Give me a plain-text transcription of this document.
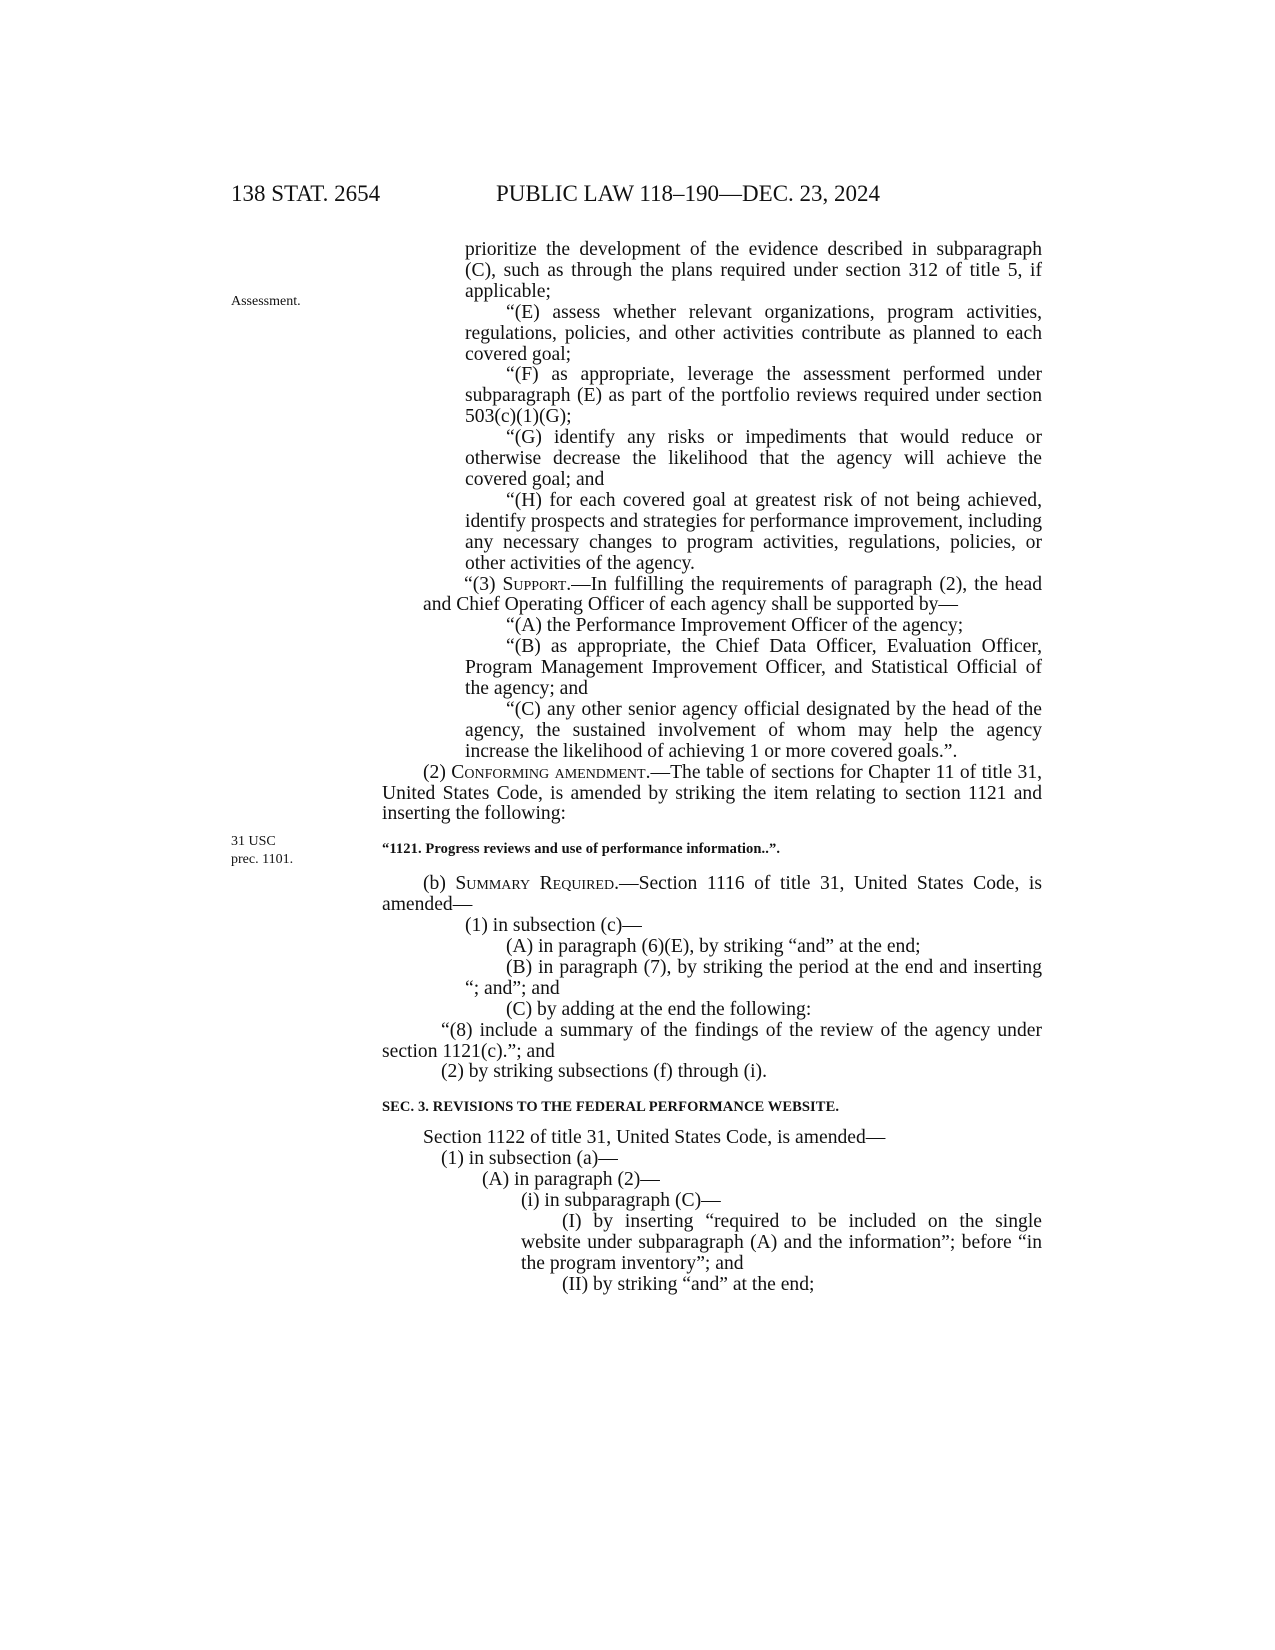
138 STAT. 2654	PUBLIC LAW 118–190—DEC. 23, 2024
Assessment.
31 USC
prec. 1101.

prioritize the development of the evidence described in subparagraph (C), such as through the plans required under section 312 of title 5, if applicable;

“(E) assess whether relevant organizations, program activities, regulations, policies, and other activities contribute as planned to each covered goal;

“(F) as appropriate, leverage the assessment performed under subparagraph (E) as part of the portfolio reviews required under section 503(c)(1)(G);

“(G) identify any risks or impediments that would reduce or otherwise decrease the likelihood that the agency will achieve the covered goal; and

“(H) for each covered goal at greatest risk of not being achieved, identify prospects and strategies for performance improvement, including any necessary changes to program activities, regulations, policies, or other activities of the agency.

“(3) Support.—In fulfilling the requirements of paragraph (2), the head and Chief Operating Officer of each agency shall be supported by—

“(A) the Performance Improvement Officer of the agency;

“(B) as appropriate, the Chief Data Officer, Evaluation Officer, Program Management Improvement Officer, and Statistical Official of the agency; and

“(C) any other senior agency official designated by the head of the agency, the sustained involvement of whom may help the agency increase the likelihood of achieving 1 or more covered goals.”.

(2) Conforming amendment.—The table of sections for Chapter 11 of title 31, United States Code, is amended by striking the item relating to section 1121 and inserting the following:

“1121. Progress reviews and use of performance information..”.

(b) Summary Required.—Section 1116 of title 31, United States Code, is amended—

(1) in subsection (c)—

(A) in paragraph (6)(E), by striking “and” at the end;

(B) in paragraph (7), by striking the period at the end and inserting “; and”; and

(C) by adding at the end the following:

“(8) include a summary of the findings of the review of the agency under section 1121(c).”; and

(2) by striking subsections (f) through (i).

SEC. 3. REVISIONS TO THE FEDERAL PERFORMANCE WEBSITE.

Section 1122 of title 31, United States Code, is amended—

(1) in subsection (a)—

(A) in paragraph (2)—

(i) in subparagraph (C)—

(I) by inserting “required to be included on the single website under subparagraph (A) and the information”; before “in the program inventory”; and

(II) by striking “and” at the end;
